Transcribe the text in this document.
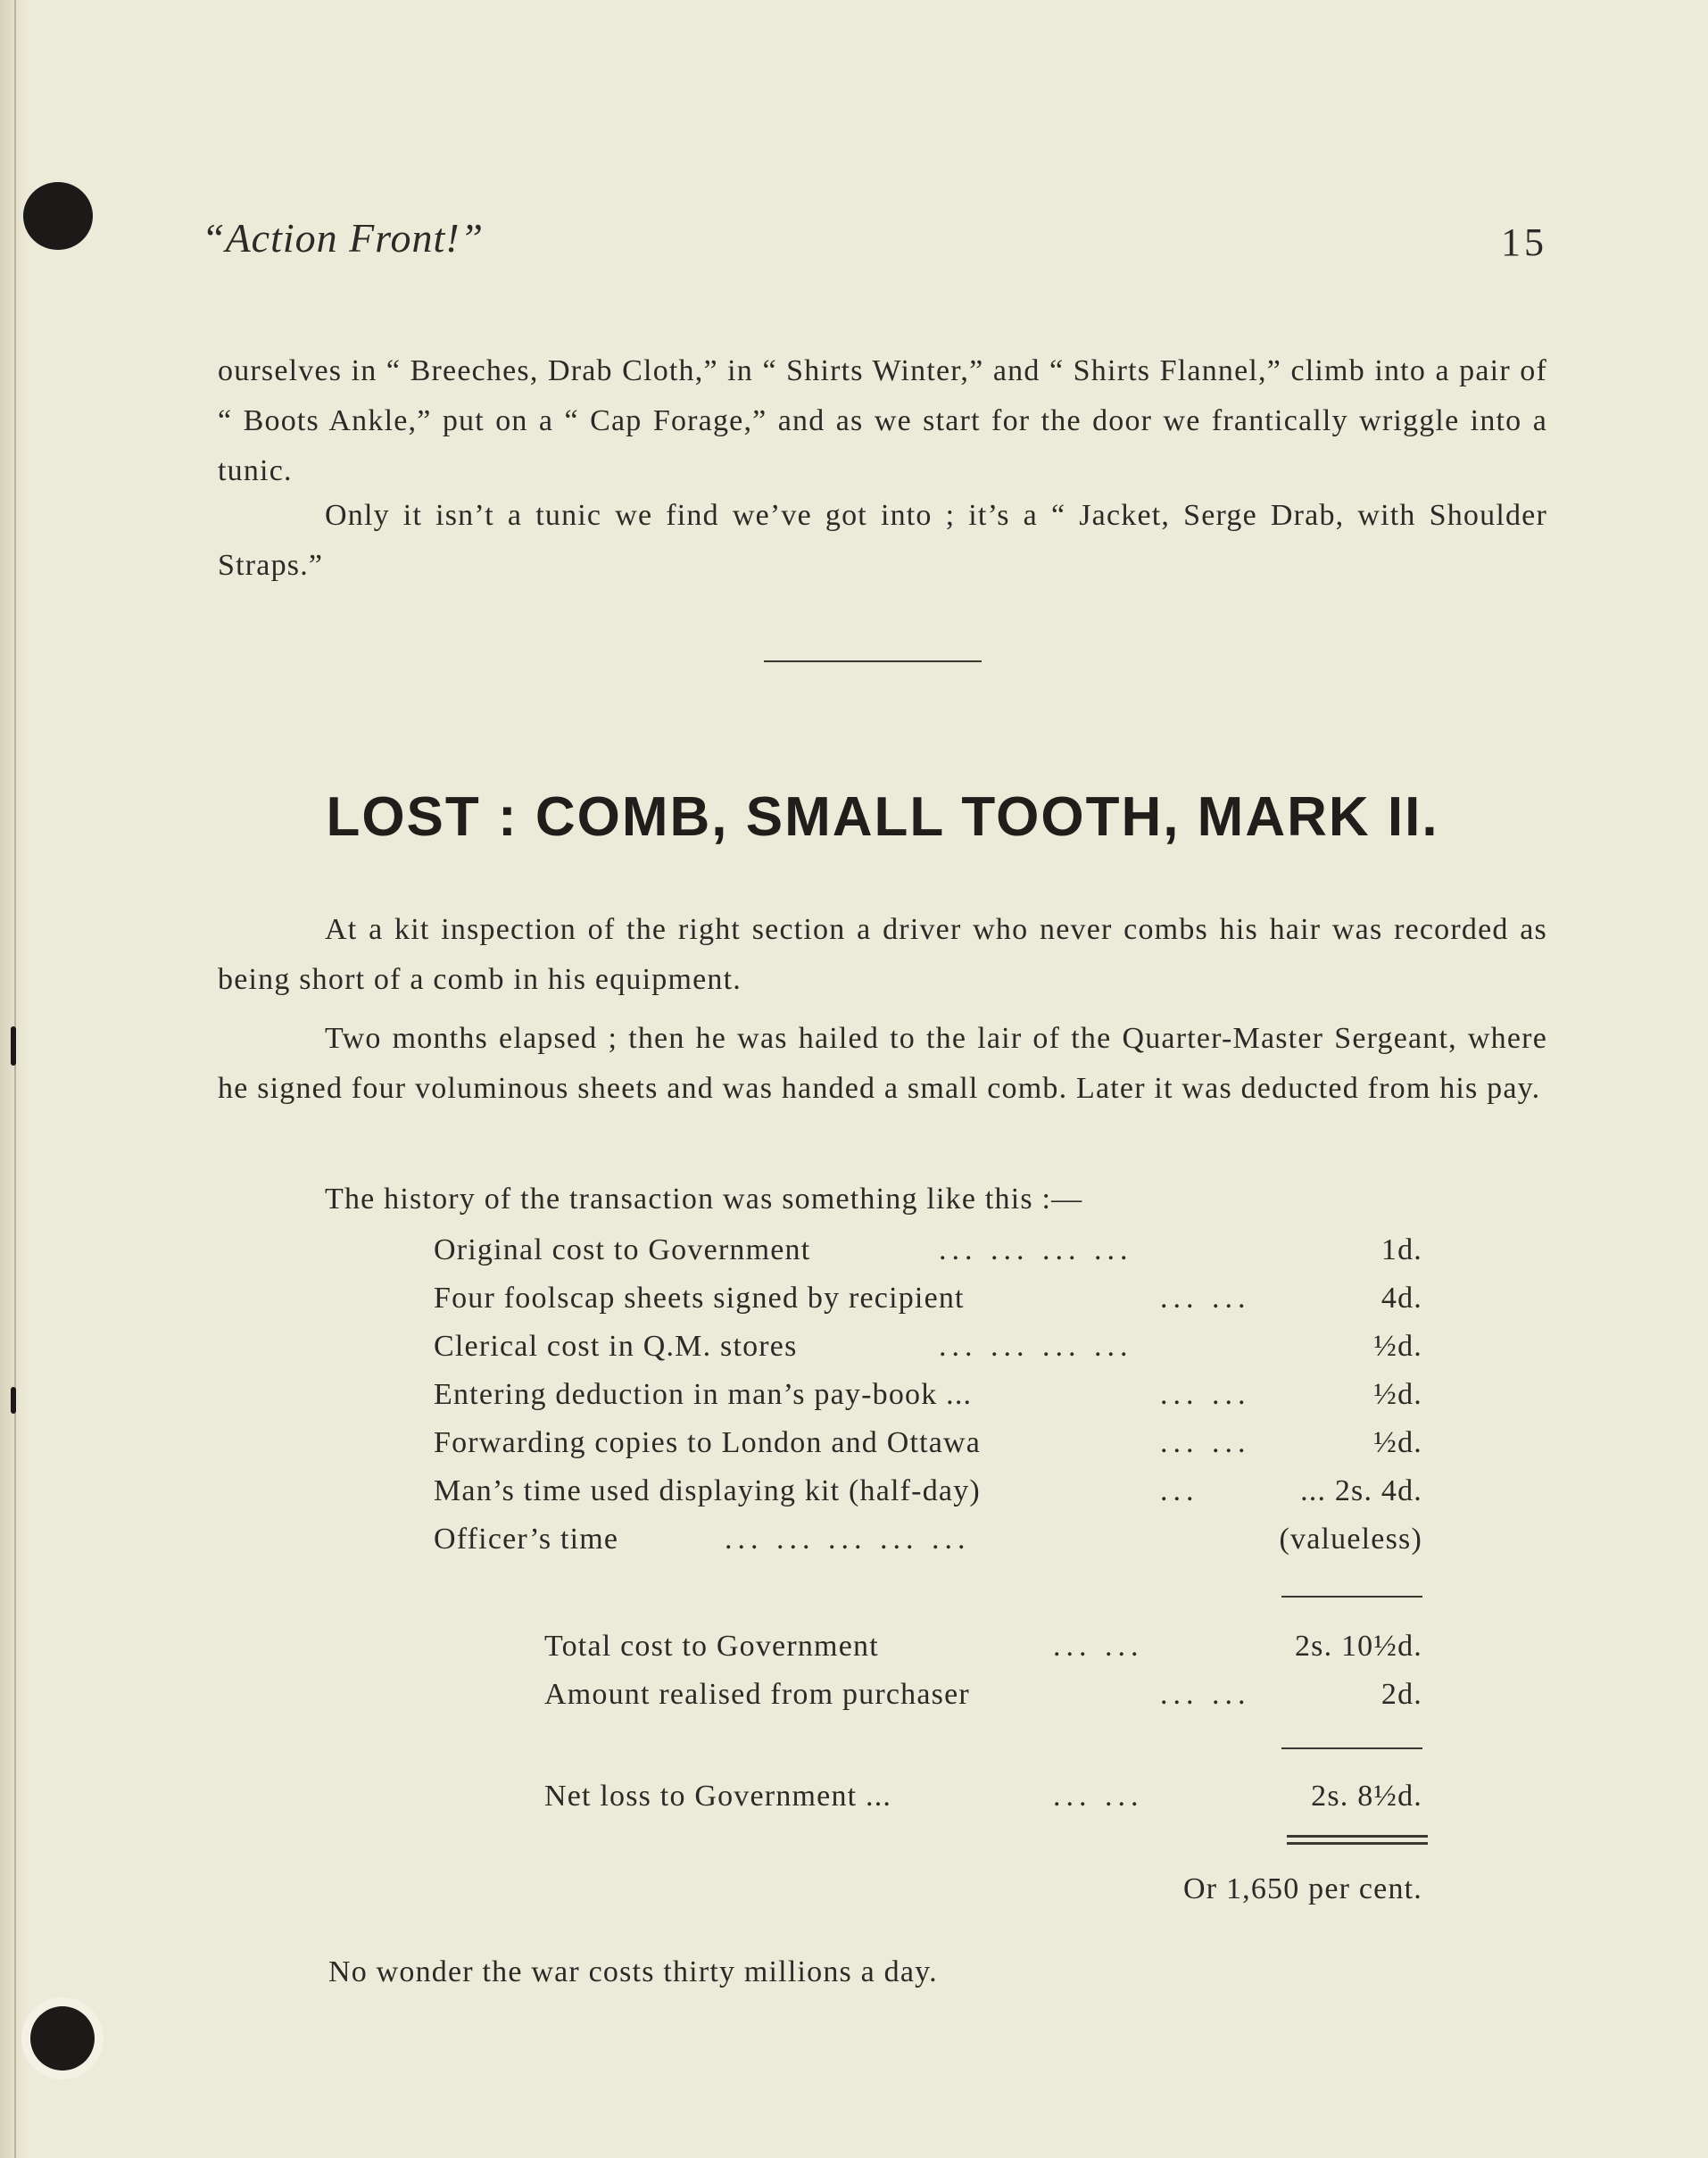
“Action Front!”	15

ourselves in “ Breeches, Drab Cloth,” in “ Shirts Winter,” and “ Shirts Flannel,” climb into a pair of “ Boots Ankle,” put on a “ Cap Forage,” and as we start for the door we frantically wriggle into a tunic.

Only it isn’t a tunic we find we’ve got into ; it’s a “ Jacket, Serge Drab, with Shoulder Straps.”

LOST : COMB, SMALL TOOTH, MARK II.

At a kit inspection of the right section a driver who never combs his hair was recorded as being short of a comb in his equipment.

Two months elapsed ; then he was hailed to the lair of the Quarter-Master Sergeant, where he signed four voluminous sheets and was handed a small comb. Later it was deducted from his pay.

The history of the transaction was something like this :—

Original cost to Government	... ... ... ...	1d.
Four foolscap sheets signed by recipient	... ...	4d.
Clerical cost in Q.M. stores	... ... ... ...	½d.
Entering deduction in man’s pay-book ...	... ...	½d.
Forwarding copies to London and Ottawa	... ...	½d.
Man’s time used displaying kit (half-day)	...	... 2s. 4d.
Officer’s time	... ... ... ... ...	(valueless)
Total cost to Government	... ...	2s. 10½d.
Amount realised from purchaser	... ...	2d.
Net loss to Government ...	... ...	2s. 8½d.
Or 1,650 per cent.

No wonder the war costs thirty millions a day.
